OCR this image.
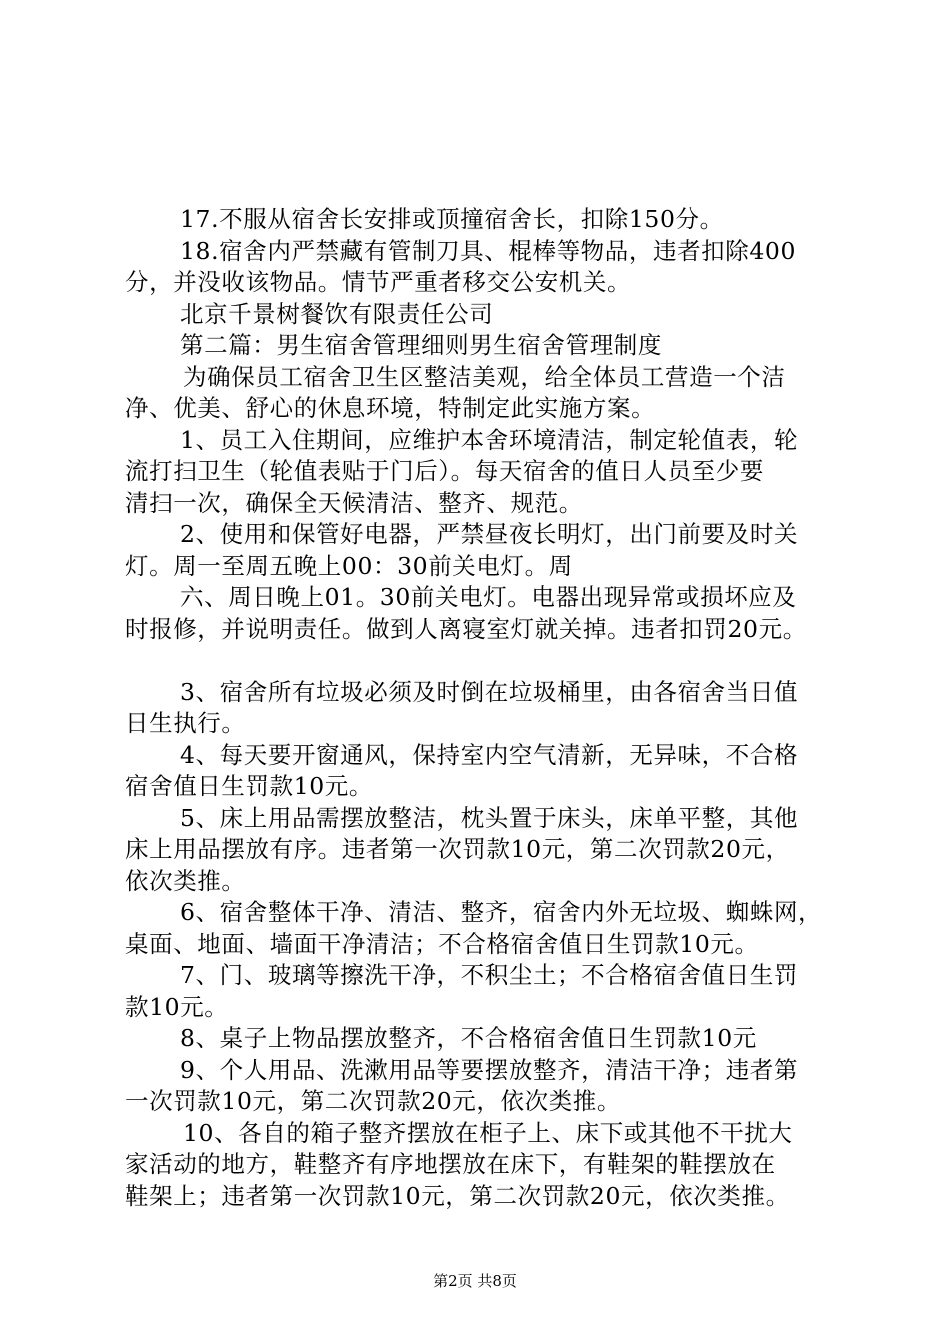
17.不服从宿舍长安排或顶撞宿舍长，扣除150分。
18.宿舍内严禁藏有管制刀具、棍棒等物品，违者扣除400
分，并没收该物品。情节严重者移交公安机关。
北京千景树餐饮有限责任公司
第二篇：男生宿舍管理细则男生宿舍管理制度
为确保员工宿舍卫生区整洁美观，给全体员工营造一个洁
净、优美、舒心的休息环境，特制定此实施方案。
1、员工入住期间，应维护本舍环境清洁，制定轮值表，轮
流打扫卫生（轮值表贴于门后）。每天宿舍的值日人员至少要
清扫一次，确保全天候清洁、整齐、规范。
2、使用和保管好电器，严禁昼夜长明灯，出门前要及时关
灯。周一至周五晚上00：30前关电灯。周
六、周日晚上01。30前关电灯。电器出现异常或损坏应及
时报修，并说明责任。做到人离寝室灯就关掉。违者扣罚20元。
3、宿舍所有垃圾必须及时倒在垃圾桶里，由各宿舍当日值
日生执行。
4、每天要开窗通风，保持室内空气清新，无异味，不合格
宿舍值日生罚款10元。
5、床上用品需摆放整洁，枕头置于床头，床单平整，其他
床上用品摆放有序。违者第一次罚款10元，第二次罚款20元，
依次类推。
6、宿舍整体干净、清洁、整齐，宿舍内外无垃圾、蜘蛛网，
桌面、地面、墙面干净清洁；不合格宿舍值日生罚款10元。
7、门、玻璃等擦洗干净，不积尘土；不合格宿舍值日生罚
款10元。
8、桌子上物品摆放整齐，不合格宿舍值日生罚款10元
9、个人用品、洗漱用品等要摆放整齐，清洁干净；违者第
一次罚款10元，第二次罚款20元，依次类推。
10、各自的箱子整齐摆放在柜子上、床下或其他不干扰大
家活动的地方，鞋整齐有序地摆放在床下，有鞋架的鞋摆放在
鞋架上；违者第一次罚款10元，第二次罚款20元，依次类推。
第2页 共8页
